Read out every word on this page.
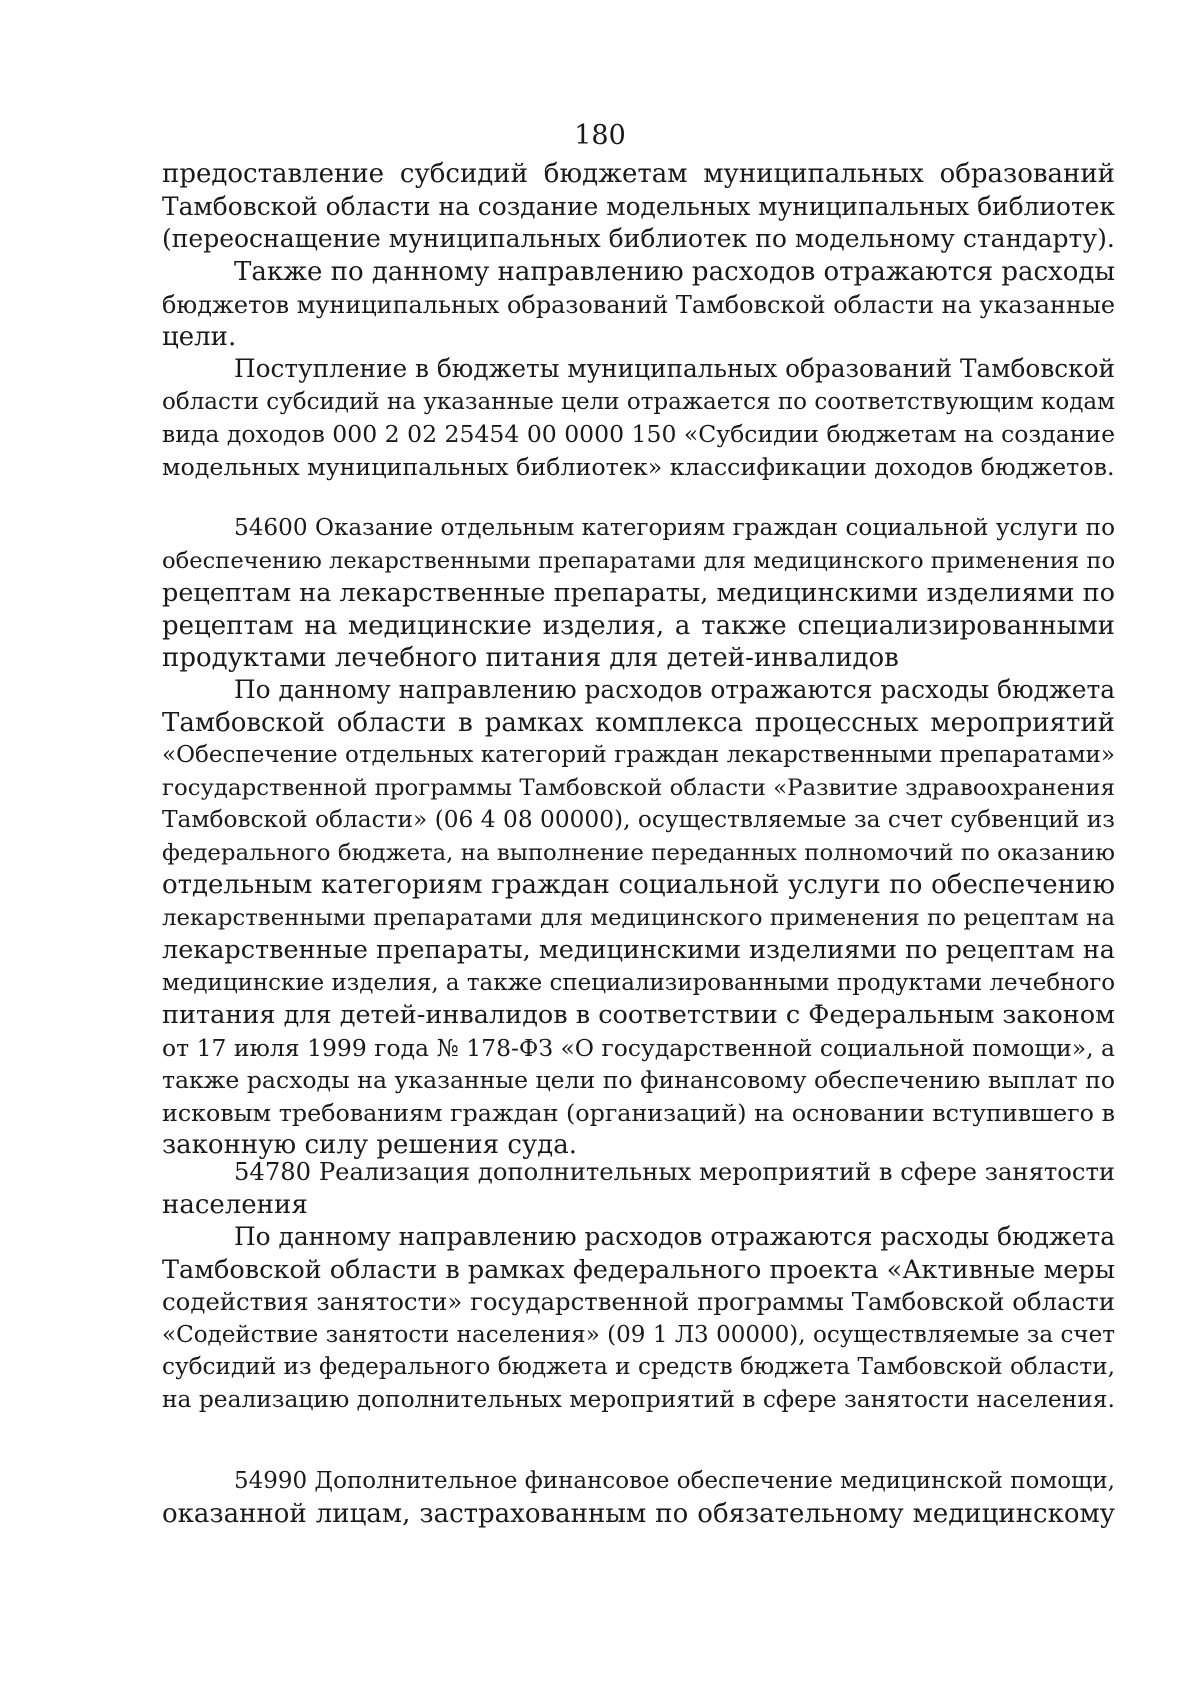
180
предоставление субсидий бюджетам муниципальных образований
Тамбовской области на создание модельных муниципальных библиотек
(переоснащение муниципальных библиотек по модельному стандарту).
Также по данному направлению расходов отражаются расходы
бюджетов муниципальных образований Тамбовской области на указанные
цели.
Поступление в бюджеты муниципальных образований Тамбовской
области субсидий на указанные цели отражается по соответствующим кодам
вида доходов 000 2 02 25454 00 0000 150 «Субсидии бюджетам на создание
модельных муниципальных библиотек» классификации доходов бюджетов.
54600 Оказание отдельным категориям граждан социальной услуги по
обеспечению лекарственными препаратами для медицинского применения по
рецептам на лекарственные препараты, медицинскими изделиями по
рецептам на медицинские изделия, а также специализированными
продуктами лечебного питания для детей-инвалидов
По данному направлению расходов отражаются расходы бюджета
Тамбовской области в рамках комплекса процессных мероприятий
«Обеспечение отдельных категорий граждан лекарственными препаратами»
государственной программы Тамбовской области «Развитие здравоохранения
Тамбовской области» (06 4 08 00000), осуществляемые за счет субвенций из
федерального бюджета, на выполнение переданных полномочий по оказанию
отдельным категориям граждан социальной услуги по обеспечению
лекарственными препаратами для медицинского применения по рецептам на
лекарственные препараты, медицинскими изделиями по рецептам на
медицинские изделия, а также специализированными продуктами лечебного
питания для детей-инвалидов в соответствии с Федеральным законом
от 17 июля 1999 года № 178-ФЗ «О государственной социальной помощи», а
также расходы на указанные цели по финансовому обеспечению выплат по
исковым требованиям граждан (организаций) на основании вступившего в
законную силу решения суда.
54780 Реализация дополнительных мероприятий в сфере занятости
населения
По данному направлению расходов отражаются расходы бюджета
Тамбовской области в рамках федерального проекта «Активные меры
содействия занятости» государственной программы Тамбовской области
«Содействие занятости населения» (09 1 Л3 00000), осуществляемые за счет
субсидий из федерального бюджета и средств бюджета Тамбовской области,
на реализацию дополнительных мероприятий в сфере занятости населения.
54990 Дополнительное финансовое обеспечение медицинской помощи,
оказанной лицам, застрахованным по обязательному медицинскому
